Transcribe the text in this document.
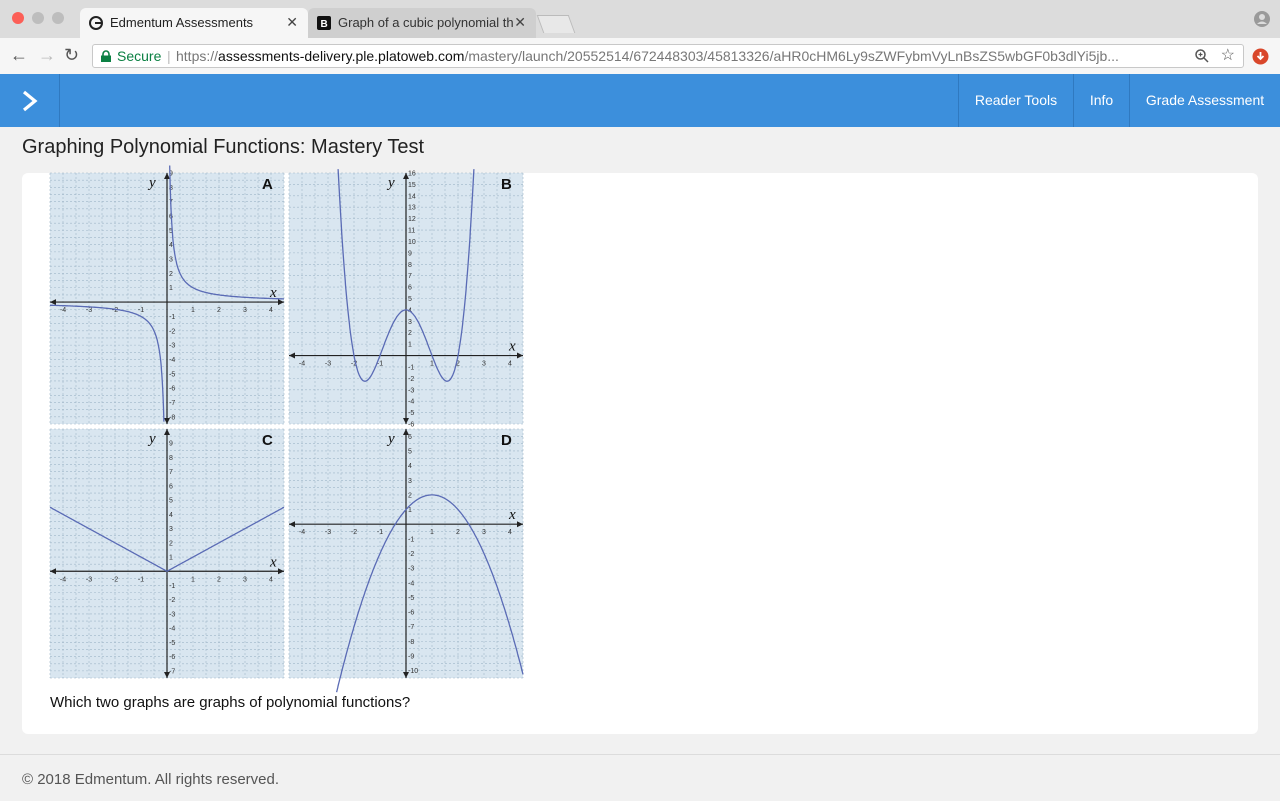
Edmentum Assessments ✕ B Graph of a cubic polynomial th ✕
← → ↻	Secure | https://assessments-delivery.ple.platoweb.com/mastery/launch/20552514/672448303/45813326/aHR0cHM6Ly9sZWFybmVyLnBsZS5wbGF0b3dlYi5jb...	☆
Reader Tools	Info	Grade Assessment
Graphing Polynomial Functions: Mastery Test
-4	-3	-2	-1	1	2	3	4
-8
-7
-6
-5
-4
-3
-2
-1
1
2
3
4
5
6
7
8
9
x
y	A
-4	-3	-2	-1	1	2	3	4
-6
-5
-4
-3
-2
-1
1
2
3
4
5
6
7
8
9
10
11
12
13
14
15
16
x
y	B
-4	-3	-2	-1	1	2	3	4
-7
-6
-5
-4
-3
-2
-1
1
2
3
4
5
6
7
8
9
x
y	C
-4	-3	-2	-1	1	2	3	4
-10
-9
-8
-7
-6
-5
-4
-3
-2
-1
1
2
3
4
5
6
x
y	D
Which two graphs are graphs of polynomial functions?
© 2018 Edmentum. All rights reserved.
